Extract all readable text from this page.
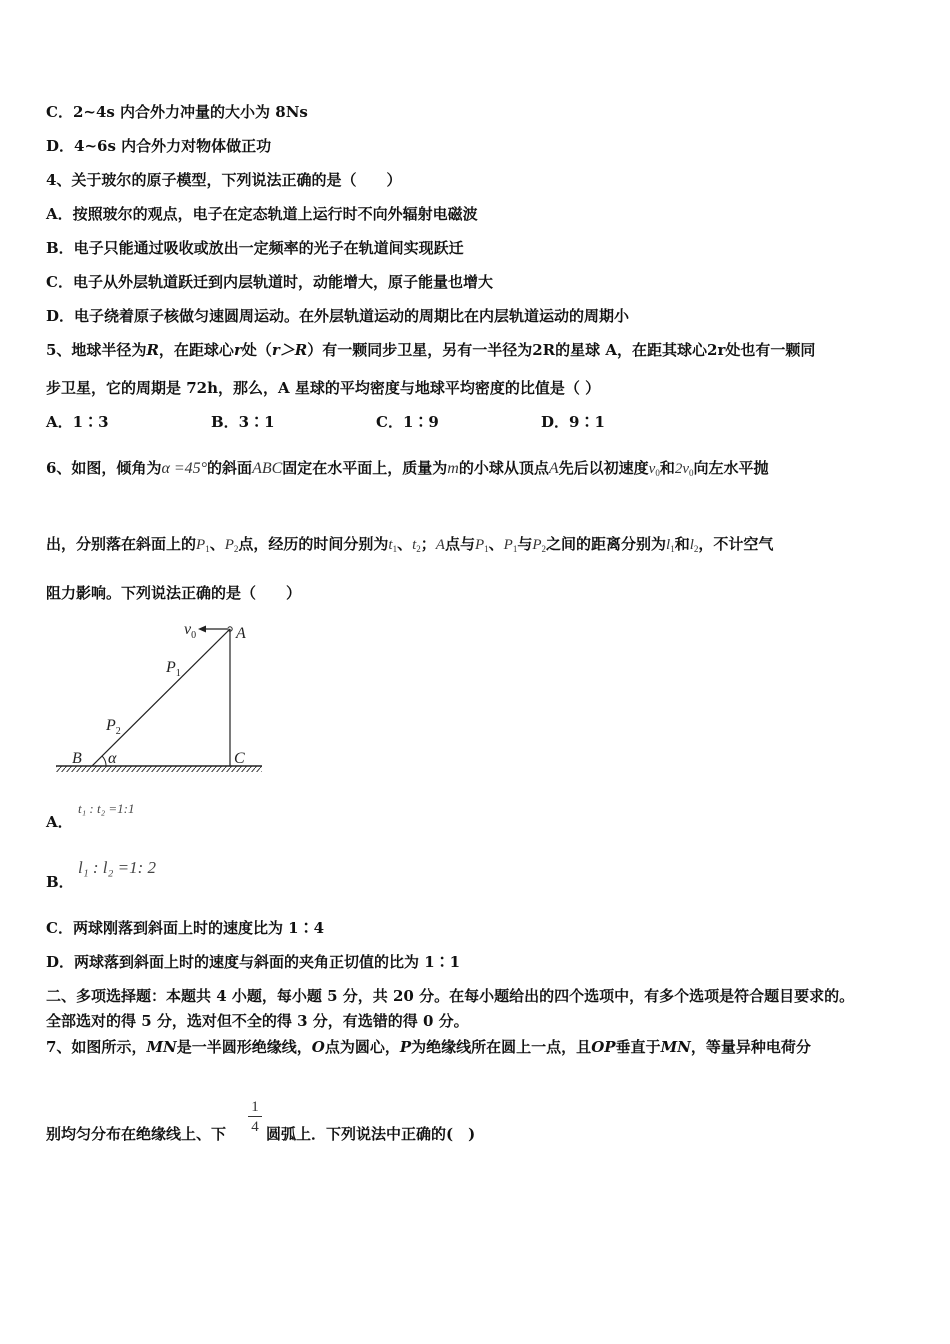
C．2~4s 内合外力冲量的大小为 8Ns
D．4~6s 内合外力对物体做正功
4、关于玻尔的原子模型，下列说法正确的是（　　）
A．按照玻尔的观点，电子在定态轨道上运行时不向外辐射电磁波
B．电子只能通过吸收或放出一定频率的光子在轨道间实现跃迁
C．电子从外层轨道跃迁到内层轨道时，动能增大，原子能量也增大
D．电子绕着原子核做匀速圆周运动。在外层轨道运动的周期比在内层轨道运动的周期小
5、地球半径为R，在距球心r处（r＞R）有一颗同步卫星，另有一半径为2R的星球 A，在距其球心2r处也有一颗同
步卫星，它的周期是 72h，那么，A 星球的平均密度与地球平均密度的比值是（ ）
A．1∶3	B．3∶1	C．1∶9	D．9∶1
6、如图，倾角为α =45°的斜面ABC固定在水平面上，质量为m的小球从顶点A先后以初速度$v_0$和$2v_0$向左水平抛
出，分别落在斜面上的$P_1$、$P_2$点，经历的时间分别为$t_1$、$t_2$；A点与$P_1$、$P_1$与$P_2$之间的距离分别为$l_1$和$l_2$，不计空气
阻力影响。下列说法正确的是（　　）
$v_0$ A
$P_1$
$P_2$
B α	C
A．
t₁ : t₂ =1:1
B．
l₁ : l₂ =1: 2
C．两球刚落到斜面上时的速度比为 1∶4
D．两球落到斜面上时的速度与斜面的夹角正切值的比为 1∶1
二、多项选择题：本题共 4 小题，每小题 5 分，共 20 分。在每小题给出的四个选项中，有多个选项是符合题目要求的。
全部选对的得 5 分，选对但不全的得 3 分，有选错的得 0 分。
7、如图所示，MN是一半圆形绝缘线，O点为圆心，P为绝缘线所在圆上一点，且OP垂直于MN，等量异种电荷分
别均匀分布在绝缘线上、下 $\frac{1}{4}$ 圆弧上．下列说法中正确的(　)
